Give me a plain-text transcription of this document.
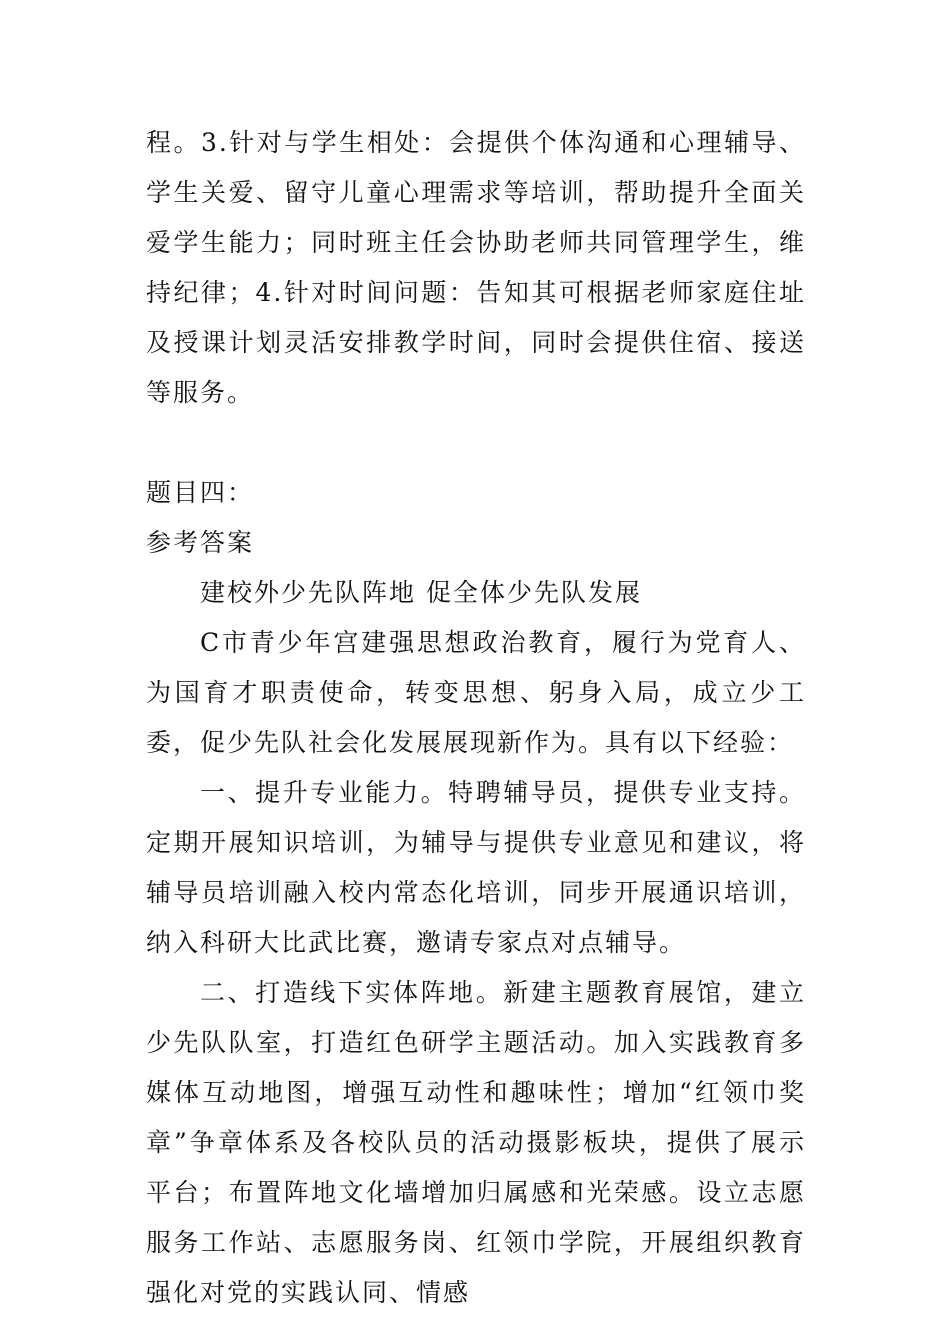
程。3.针对与学生相处：会提供个体沟通和心理辅导、学生关爱、留守儿童心理需求等培训，帮助提升全面关爱学生能力；同时班主任会协助老师共同管理学生，维持纪律；4.针对时间问题：告知其可根据老师家庭住址及授课计划灵活安排教学时间，同时会提供住宿、接送等服务。

题目四：

参考答案

建校外少先队阵地 促全体少先队发展

C市青少年宫建强思想政治教育，履行为党育人、为国育才职责使命，转变思想、躬身入局，成立少工委，促少先队社会化发展展现新作为。具有以下经验：

一、提升专业能力。特聘辅导员，提供专业支持。定期开展知识培训，为辅导与提供专业意见和建议，将辅导员培训融入校内常态化培训，同步开展通识培训，纳入科研大比武比赛，邀请专家点对点辅导。

二、打造线下实体阵地。新建主题教育展馆，建立少先队队室，打造红色研学主题活动。加入实践教育多媒体互动地图，增强互动性和趣味性；增加“红领巾奖章”争章体系及各校队员的活动摄影板块，提供了展示平台；布置阵地文化墙增加归属感和光荣感。设立志愿服务工作站、志愿服务岗、红领巾学院，开展组织教育强化对党的实践认同、情感
